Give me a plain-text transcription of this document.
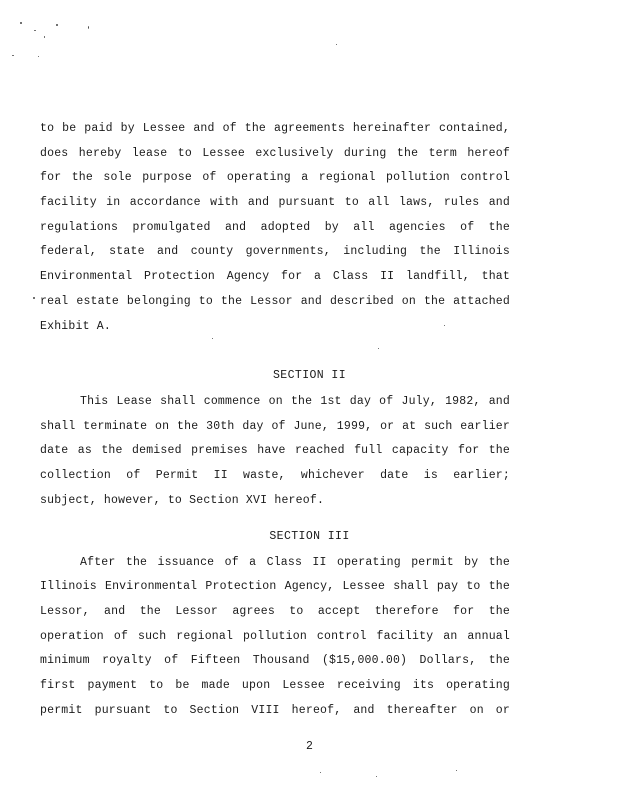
to be paid by Lessee and of the agreements hereinafter contained,
does hereby lease to Lessee exclusively during the term hereof
for the sole purpose of operating a regional pollution control
facility in accordance with and pursuant to all laws, rules and
regulations promulgated and adopted by all agencies of the
federal, state and county governments, including the Illinois
Environmental Protection Agency for a Class II landfill, that
real estate belonging to the Lessor and described on the attached
Exhibit A.
SECTION II
This Lease shall commence on the 1st day of July, 1982, and
shall terminate on the 30th day of June, 1999, or at such earlier
date as the demised premises have reached full capacity for the
collection of Permit II waste, whichever date is earlier;
subject, however, to Section XVI hereof.
SECTION III
After the issuance of a Class II operating permit by the
Illinois Environmental Protection Agency, Lessee shall pay to the
Lessor, and the Lessor agrees to accept therefore for the
operation of such regional pollution control facility an annual
minimum royalty of Fifteen Thousand ($15,000.00) Dollars, the
first payment to be made upon Lessee receiving its operating
permit pursuant to Section VIII hereof, and thereafter on or
2
